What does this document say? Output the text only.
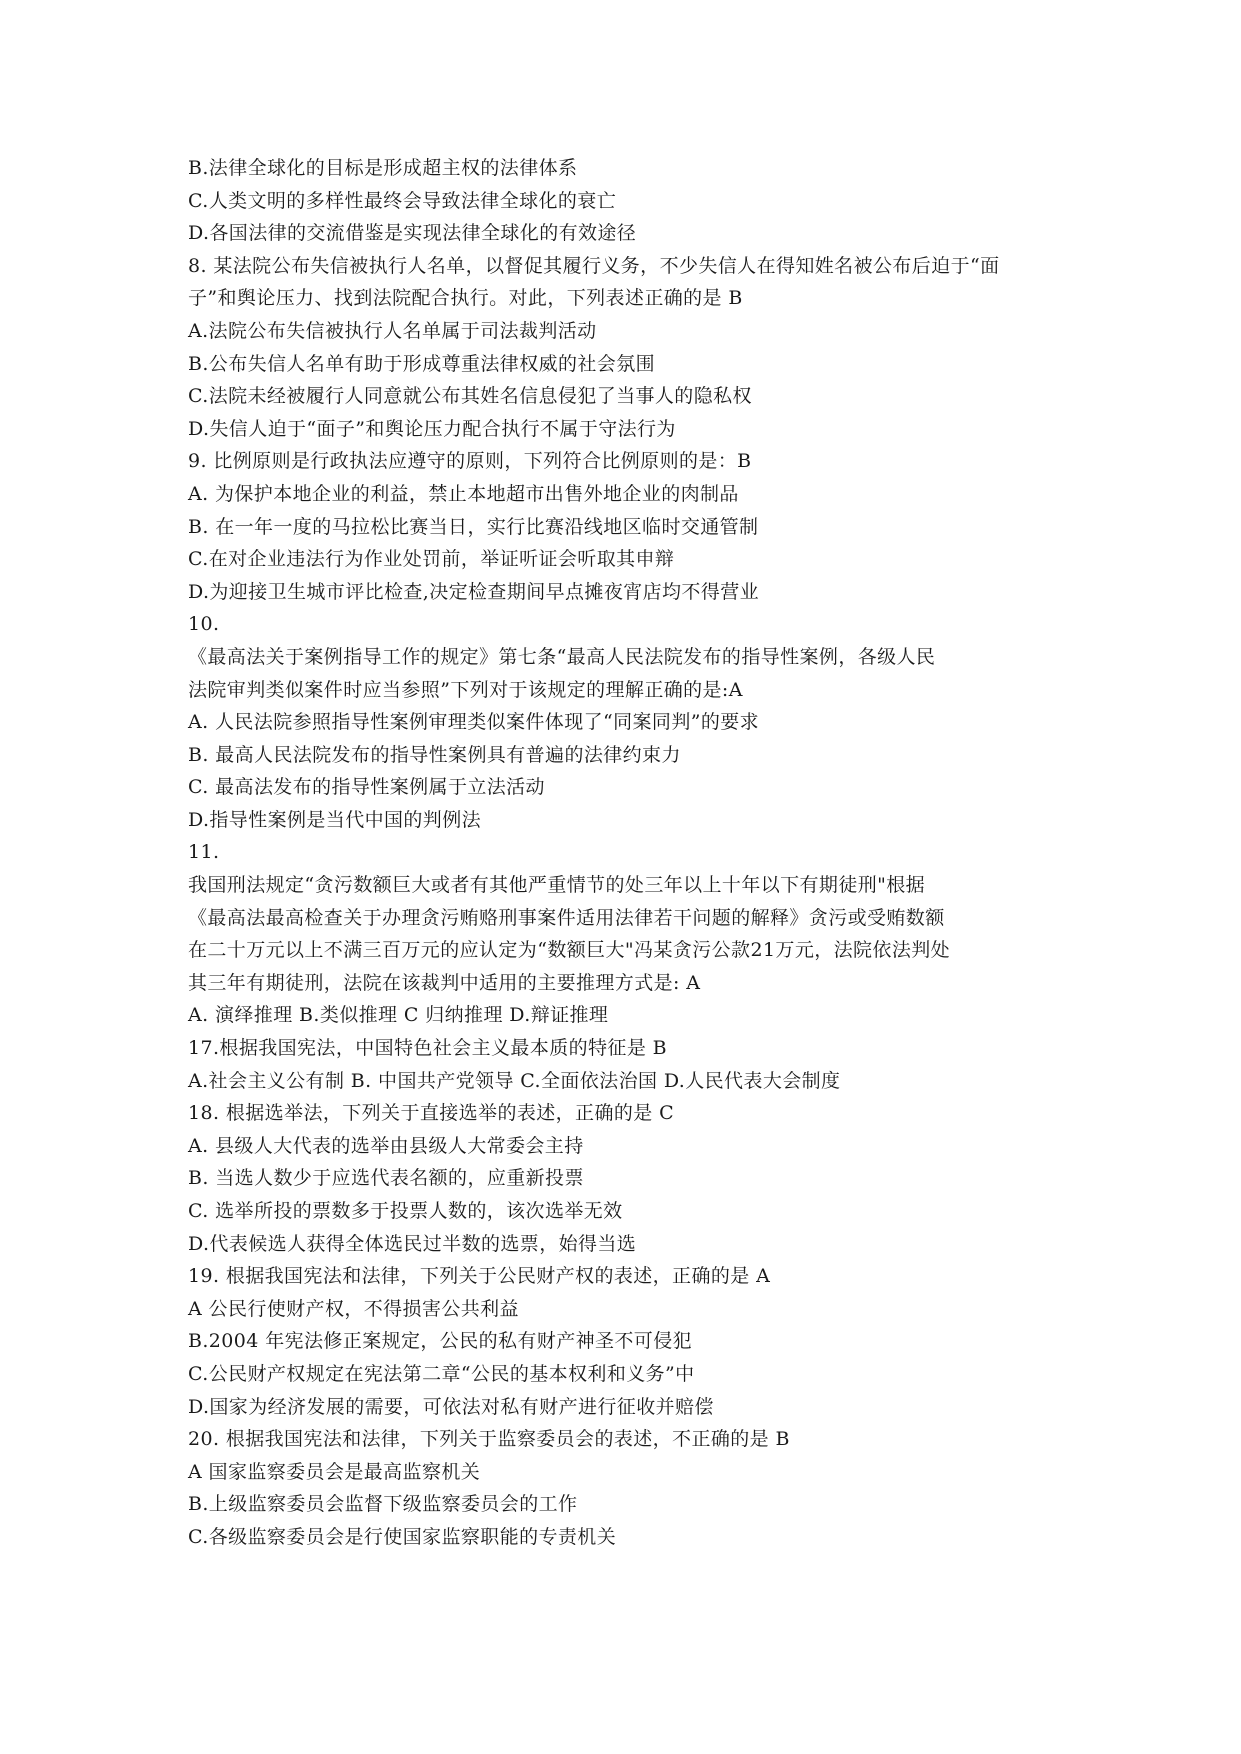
B.法律全球化的目标是形成超主权的法律体系
C.人类文明的多样性最终会导致法律全球化的衰亡
D.各国法律的交流借鉴是实现法律全球化的有效途径
8. 某法院公布失信被执行人名单，以督促其履行义务，不少失信人在得知姓名被公布后迫于“面
子”和舆论压力、找到法院配合执行。对此，下列表述正确的是 B
A.法院公布失信被执行人名单属于司法裁判活动
B.公布失信人名单有助于形成尊重法律权威的社会氛围
C.法院未经被履行人同意就公布其姓名信息侵犯了当事人的隐私权
D.失信人迫于“面子”和舆论压力配合执行不属于守法行为
9. 比例原则是行政执法应遵守的原则，下列符合比例原则的是：B
A. 为保护本地企业的利益，禁止本地超市出售外地企业的肉制品
B. 在一年一度的马拉松比赛当日，实行比赛沿线地区临时交通管制
C.在对企业违法行为作业处罚前，举证听证会听取其申辩
D.为迎接卫生城市评比检查,决定检查期间早点摊夜宵店均不得营业
10.
《最高法关于案例指导工作的规定》第七条“最高人民法院发布的指导性案例，各级人民
法院审判类似案件时应当参照”下列对于该规定的理解正确的是:A
A. 人民法院参照指导性案例审理类似案件体现了“同案同判”的要求
B. 最高人民法院发布的指导性案例具有普遍的法律约束力
C. 最高法发布的指导性案例属于立法活动
D.指导性案例是当代中国的判例法
11.
我国刑法规定“贪污数额巨大或者有其他严重情节的处三年以上十年以下有期徒刑"根据
《最高法最高检查关于办理贪污贿赂刑事案件适用法律若干问题的解释》贪污或受贿数额
在二十万元以上不满三百万元的应认定为“数额巨大"冯某贪污公款21万元，法院依法判处
其三年有期徒刑，法院在该裁判中适用的主要推理方式是: A
A. 演绎推理 B.类似推理 C 归纳推理 D.辩证推理
17.根据我国宪法，中国特色社会主义最本质的特征是 B
A.社会主义公有制 B. 中国共产党领导 C.全面依法治国 D.人民代表大会制度
18. 根据选举法，下列关于直接选举的表述，正确的是 C
A. 县级人大代表的选举由县级人大常委会主持
B. 当选人数少于应选代表名额的，应重新投票
C. 选举所投的票数多于投票人数的，该次选举无效
D.代表候选人获得全体选民过半数的选票，始得当选
19. 根据我国宪法和法律，下列关于公民财产权的表述，正确的是 A
A 公民行使财产权，不得损害公共利益
B.2004 年宪法修正案规定，公民的私有财产神圣不可侵犯
C.公民财产权规定在宪法第二章“公民的基本权利和义务”中
D.国家为经济发展的需要，可依法对私有财产进行征收并赔偿
20. 根据我国宪法和法律，下列关于监察委员会的表述，不正确的是 B
A 国家监察委员会是最高监察机关
B.上级监察委员会监督下级监察委员会的工作
C.各级监察委员会是行使国家监察职能的专责机关
